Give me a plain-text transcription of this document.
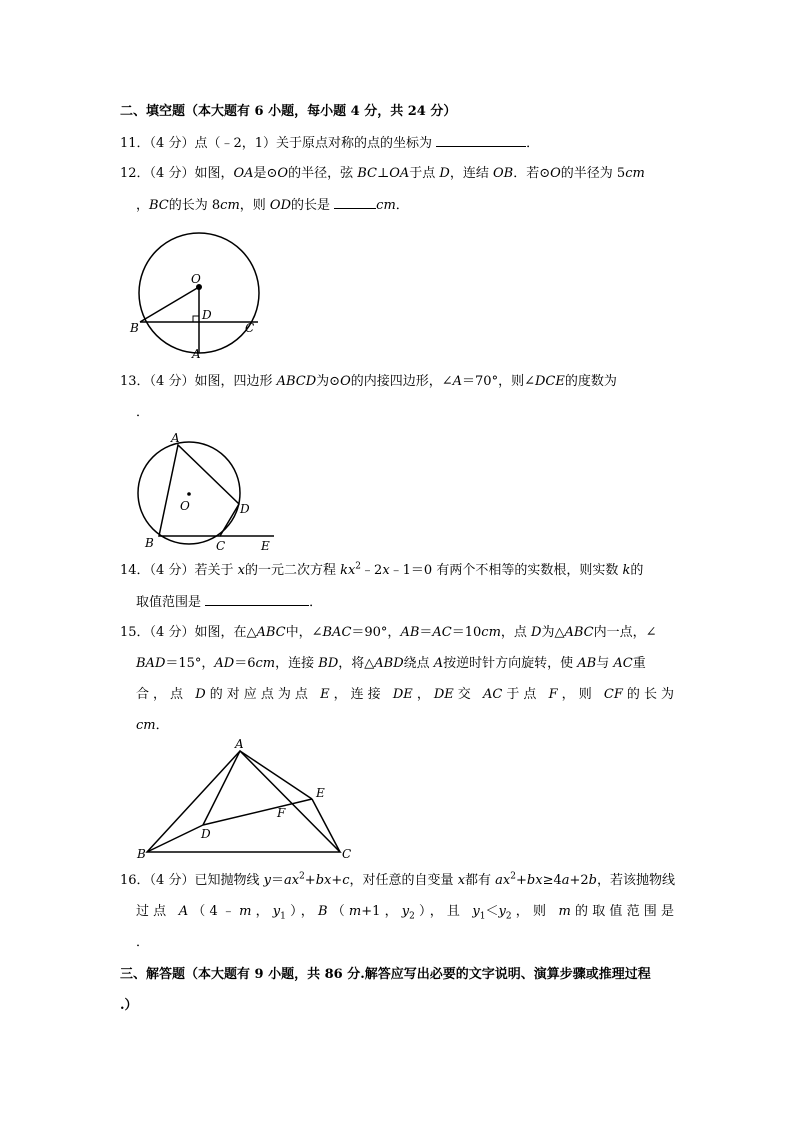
二、填空题（本大题有 6 小题，每小题 4 分，共 24 分）
11．（4 分）点（﹣2，1）关于原点对称的点的坐标为	．
12．（4 分）如图，OA是⊙O的半径，弦 BC⊥OA于点 D，连结 OB．若⊙O的半径为 5cm
，BC的长为 8cm，则 OD的长是	cm．
O
D
B	C
A
13．（4 分）如图，四边形 ABCD为⊙O的内接四边形，∠A＝70°，则∠DCE的度数为
．
A
O	D
B	C	E
14．（4 分）若关于 x的一元二次方程 $kx^2﹣2x﹣1=0$ 有两个不相等的实数根，则实数 k的
取值范围是	．
15．（4 分）如图，在△ABC中，∠BAC＝90°，AB＝AC＝10cm，点 D为△ABC内一点，∠
BAD＝15°，AD＝6cm，连接 BD，将△ABD绕点 A按逆时针方向旋转，使 AB与 AC重
合，点 D的对应点为点 E，连接 DE，DE交 AC于点 F，则 CF的长为
cm．
A
E
F
D
B	C
16．（4 分）已知抛物线 $y=ax^2+bx+c$，对任意的自变量 x都有 $ax^2+bx\ge 4a+2b$，若该抛物线
过点 A（4﹣m，$y_1$），B（m+1，$y_2$），且 $y_1<y_2$，则 m的取值范围是
．
三、解答题（本大题有 9 小题，共 86 分.解答应写出必要的文字说明、演算步骤或推理过程
.）
